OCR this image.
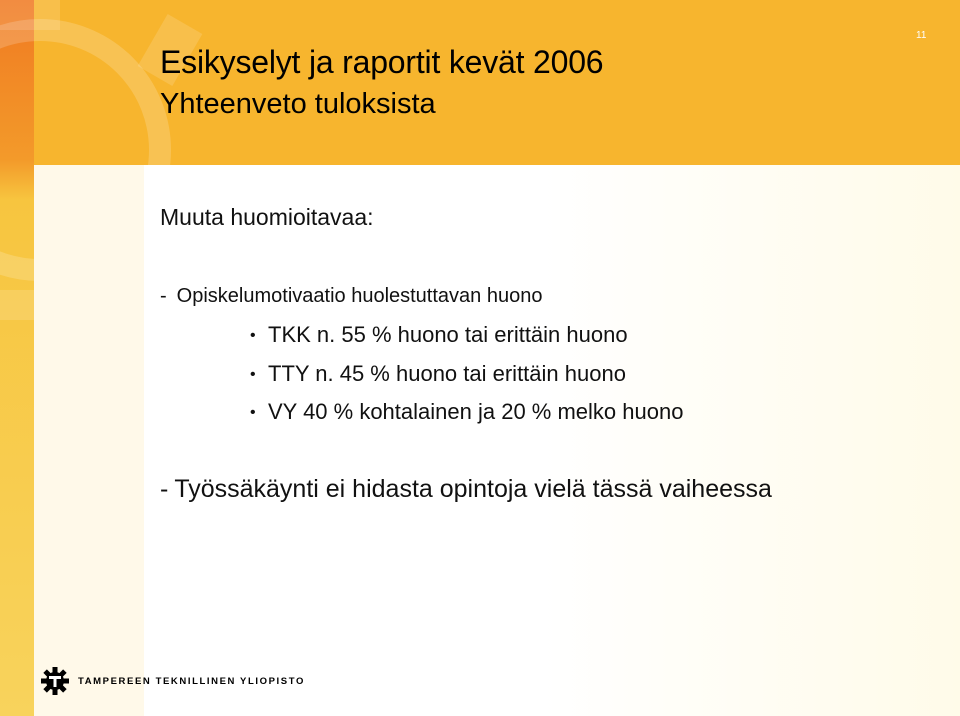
11
Esikyselyt ja raportit kevät 2006
Yhteenveto tuloksista

Muuta huomioitavaa:

- Opiskelumotivaatio huolestuttavan huono

• TKK n. 55 % huono tai erittäin huono

• TTY n. 45 % huono tai erittäin huono

• VY 40 % kohtalainen ja 20 % melko huono

- Työssäkäynti ei hidasta opintoja vielä tässä vaiheessa

TAMPEREEN TEKNILLINEN YLIOPISTO
